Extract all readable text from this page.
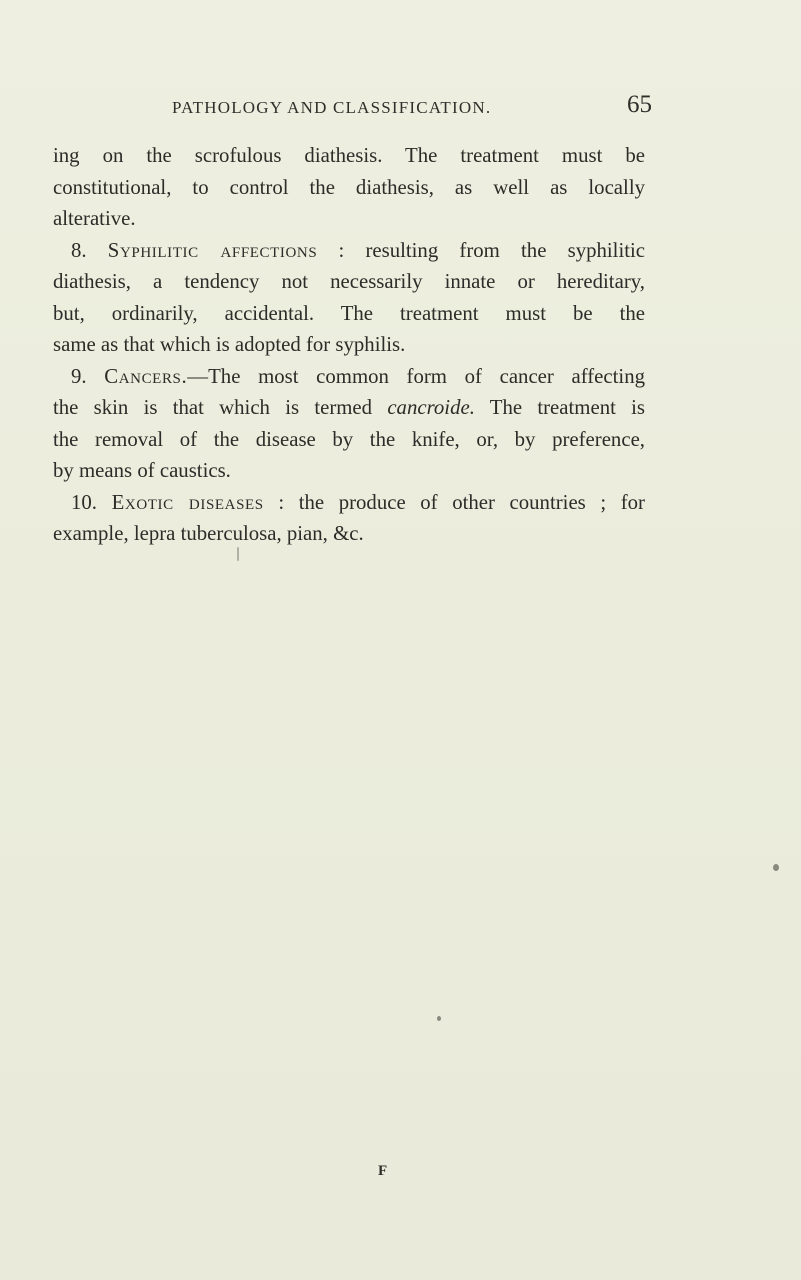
PATHOLOGY AND CLASSIFICATION.	65
ing on the scrofulous diathesis. The treatment must be
constitutional, to control the diathesis, as well as locally
alterative.
8. Syphilitic affections : resulting from the syphilitic
diathesis, a tendency not necessarily innate or hereditary,
but, ordinarily, accidental. The treatment must be the
same as that which is adopted for syphilis.
9. Cancers.—The most common form of cancer affecting
the skin is that which is termed cancroide. The treatment is
the removal of the disease by the knife, or, by preference,
by means of caustics.
10. Exotic diseases : the produce of other countries ; for
example, lepra tuberculosa, pian, &c.
F
